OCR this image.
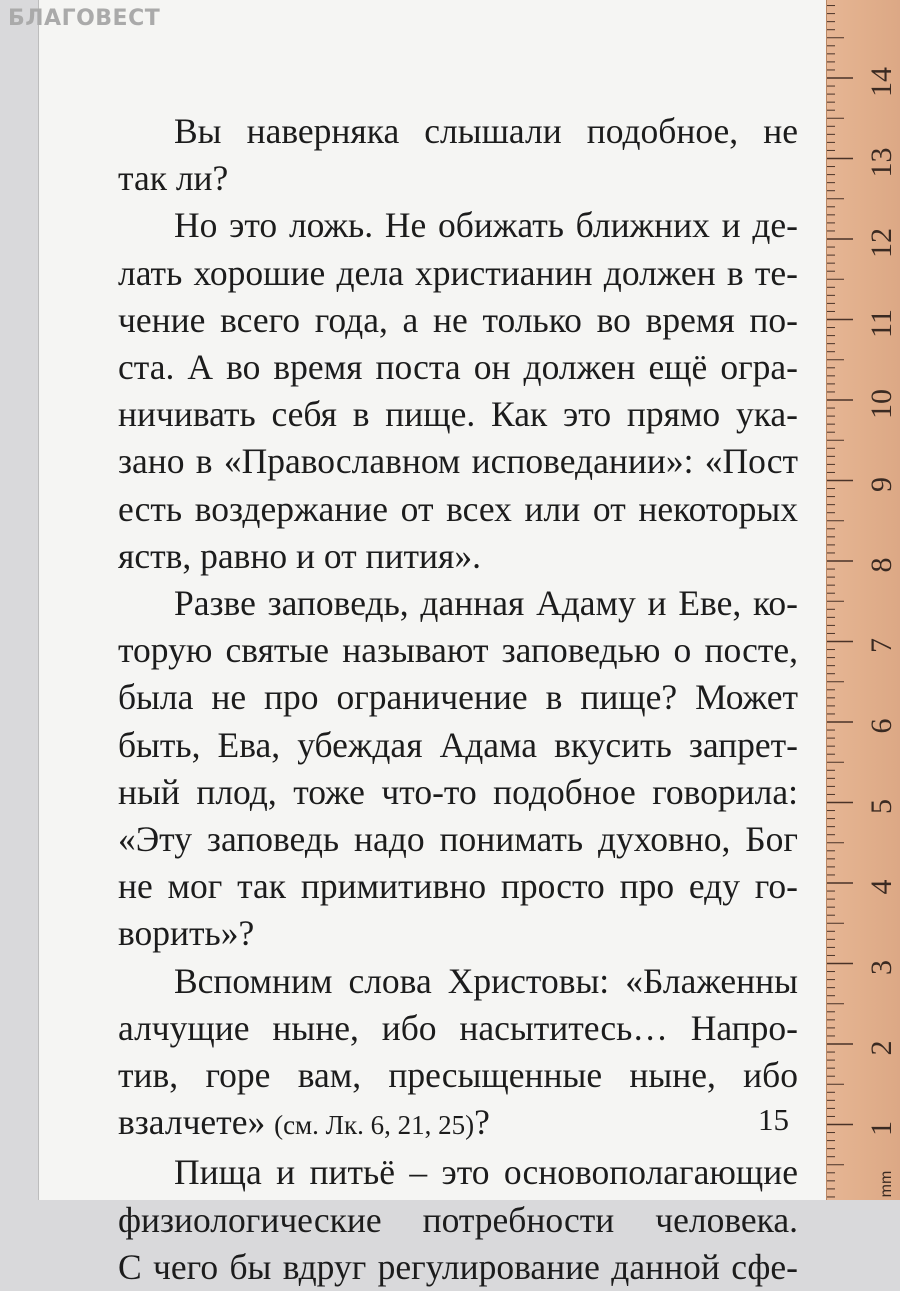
БЛАГОВЕСТ

Вы наверняка слышали подобное, не

так ли?

Но это ложь. Не обижать ближних и де-

лать хорошие дела христианин должен в те-

чение всего года, а не только во время по-

ста. А во время поста он должен ещё огра-

ничивать себя в пище. Как это прямо ука-

зано в «Православном исповедании»: «Пост

есть воздержание от всех или от некоторых

яств, равно и от пития».

Разве заповедь, данная Адаму и Еве, ко-

торую святые называют заповедью о посте,

была не про ограничение в пище? Может

быть, Ева, убеждая Адама вкусить запрет-

ный плод, тоже что-то подобное говорила:

«Эту заповедь надо понимать духовно, Бог

не мог так примитивно просто про еду го-

ворить»?

Вспомним слова Христовы: «Блаженны

алчущие ныне, ибо насытитесь… Напро-

тив, горе вам, пресыщенные ныне, ибо

взалчете» (см. Лк. 6, 21, 25)?

Пища и питьё – это основополагающие

физиологические потребности человека.

С чего бы вдруг регулирование данной сфе-

15
14
13
12
11
10
9
8
7
6
5
4
3
2
1
mm
